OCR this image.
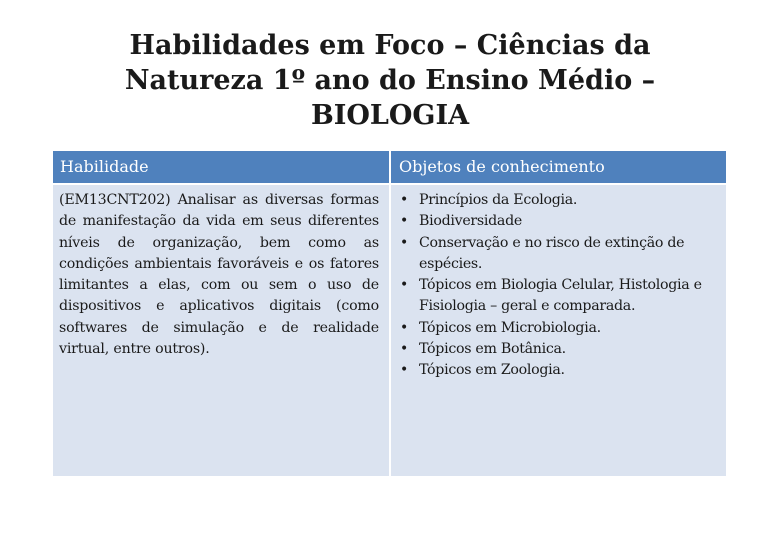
Habilidades em Foco – Ciências da
Natureza 1º ano do Ensino Médio –
BIOLOGIA
Habilidade	Objetos de conhecimento

(EM13CNT202) Analisar as diversas formas de manifestação da vida em seus diferentes níveis de organização, bem como as condições ambientais favoráveis e os fatores limitantes a elas, com ou sem o uso de dispositivos e aplicativos digitais (como softwares de simulação e de realidade virtual, entre outros).

• Princípios da Ecologia.
• Biodiversidade
• Conservação e no risco de extinção de espécies.
• Tópicos em Biologia Celular, Histologia e Fisiologia – geral e comparada.
• Tópicos em Microbiologia.
• Tópicos em Botânica.
• Tópicos em Zoologia.
